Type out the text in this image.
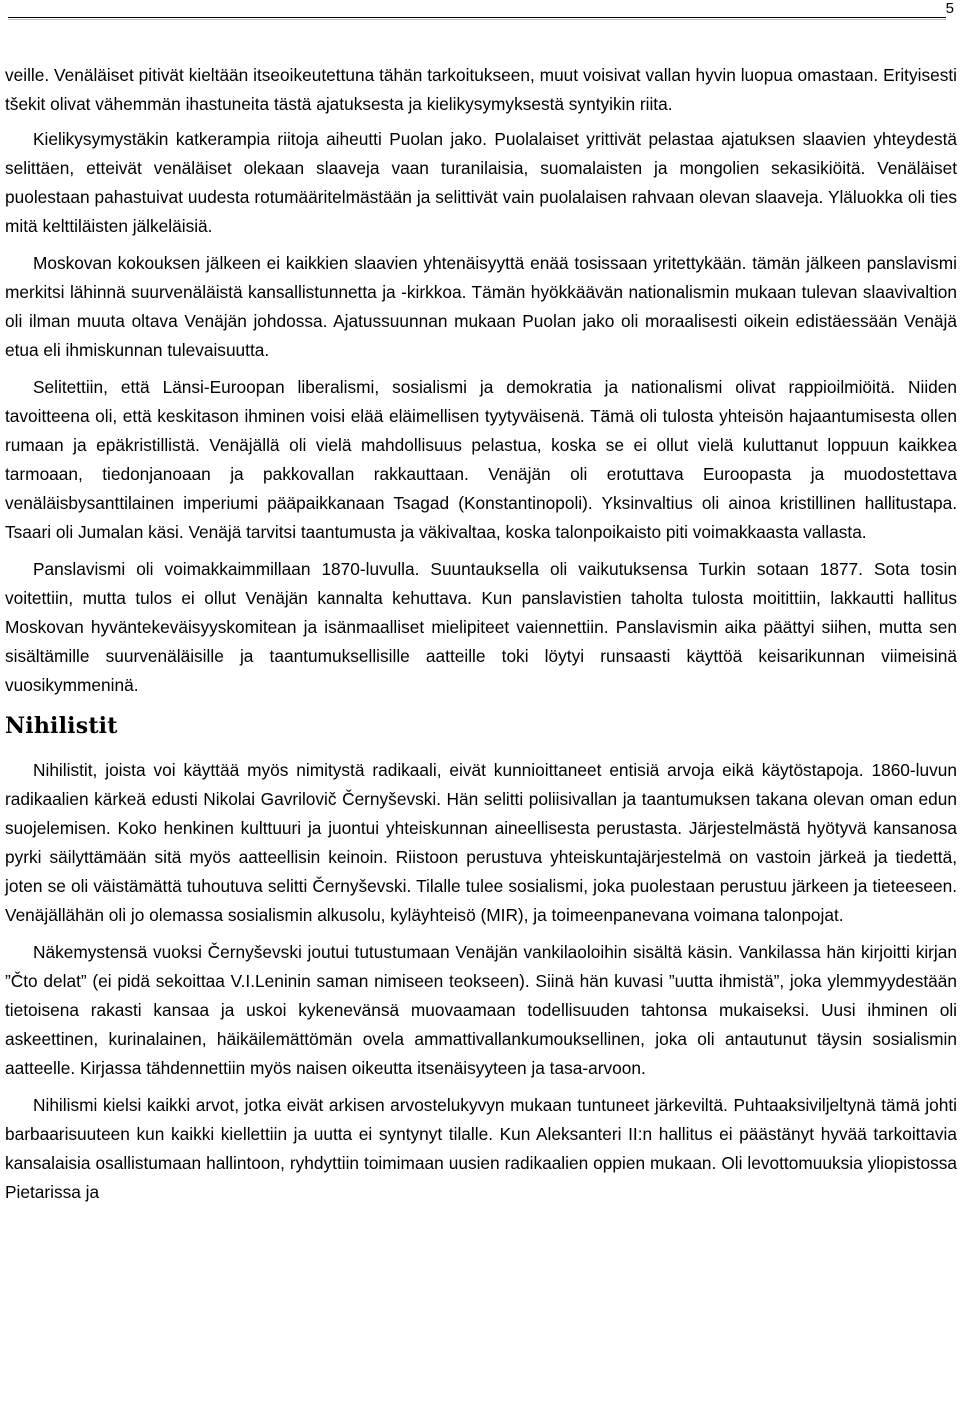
5

veille. Venäläiset pitivät kieltään itseoikeutettuna tähän tarkoitukseen, muut voisivat vallan hyvin luopua omastaan. Erityisesti tšekit olivat vähemmän ihastuneita tästä ajatuksesta ja kielikysymyksestä syntyikin riita.

Kielikysymystäkin katkerampia riitoja aiheutti Puolan jako. Puolalaiset yrittivät pelastaa ajatuksen slaavien yhteydestä selittäen, etteivät venäläiset olekaan slaaveja vaan turanilaisia, suomalaisten ja mongolien sekasikiöitä. Venäläiset puolestaan pahastuivat uudesta rotumääritelmästään ja selittivät vain puolalaisen rahvaan olevan slaaveja. Yläluokka oli ties mitä kelttiläisten jälkeläisiä.

Moskovan kokouksen jälkeen ei kaikkien slaavien yhtenäisyyttä enää tosissaan yritettykään. tämän jälkeen panslavismi merkitsi lähinnä suurvenäläistä kansallistunnetta ja -kirkkoa. Tämän hyökkäävän nationalismin mukaan tulevan slaavivaltion oli ilman muuta oltava Venäjän johdossa. Ajatussuunnan mukaan Puolan jako oli moraalisesti oikein edistäessään Venäjä etua eli ihmiskunnan tulevaisuutta.

Selitettiin, että Länsi-Euroopan liberalismi, sosialismi ja demokratia ja nationalismi olivat rappioilmiöitä. Niiden tavoitteena oli, että keskitason ihminen voisi elää eläimellisen tyytyväisenä. Tämä oli tulosta yhteisön hajaantumisesta ollen rumaan ja epäkristillistä. Venäjällä oli vielä mahdollisuus pelastua, koska se ei ollut vielä kuluttanut loppuun kaikkea tarmoaan, tiedonjanoaan ja pakkovallan rakkauttaan. Venäjän oli erotuttava Euroopasta ja muodostettava venäläisbysanttilainen imperiumi pääpaikkanaan Tsagad (Konstantinopoli). Yksinvaltius oli ainoa kristillinen hallitustapa. Tsaari oli Jumalan käsi. Venäjä tarvitsi taantumusta ja väkivaltaa, koska talonpoikaisto piti voimakkaasta vallasta.

Panslavismi oli voimakkaimmillaan 1870-luvulla. Suuntauksella oli vaikutuksensa Turkin sotaan 1877. Sota tosin voitettiin, mutta tulos ei ollut Venäjän kannalta kehuttava. Kun panslavistien taholta tulosta moitittiin, lakkautti hallitus Moskovan hyväntekeväisyyskomitean ja isänmaalliset mielipiteet vaiennettiin. Panslavismin aika päättyi siihen, mutta sen sisältämille suurvenäläisille ja taantumuksellisille aatteille toki löytyi runsaasti käyttöä keisarikunnan viimeisinä vuosikymmeninä.

Nihilistit

Nihilistit, joista voi käyttää myös nimitystä radikaali, eivät kunnioittaneet entisiä arvoja eikä käytöstapoja. 1860-luvun radikaalien kärkeä edusti Nikolai Gavrilovič Černyševski. Hän selitti poliisivallan ja taantumuksen takana olevan oman edun suojelemisen. Koko henkinen kulttuuri ja juontui yhteiskunnan aineellisesta perustasta. Järjestelmästä hyötyvä kansanosa pyrki säilyttämään sitä myös aatteellisin keinoin. Riistoon perustuva yhteiskuntajärjestelmä on vastoin järkeä ja tiedettä, joten se oli väistämättä tuhoutuva selitti Černyševski. Tilalle tulee sosialismi, joka puolestaan perustuu järkeen ja tieteeseen. Venäjällähän oli jo olemassa sosialismin alkusolu, kyläyhteisö (MIR), ja toimeenpanevana voimana talonpojat.

Näkemystensä vuoksi Černyševski joutui tutustumaan Venäjän vankilaoloihin sisältä käsin. Vankilassa hän kirjoitti kirjan ”Čto delat” (ei pidä sekoittaa V.I.Leninin saman nimiseen teokseen). Siinä hän kuvasi ”uutta ihmistä”, joka ylemmyydestään tietoisena rakasti kansaa ja uskoi kykenevänsä muovaamaan todellisuuden tahtonsa mukaiseksi. Uusi ihminen oli askeettinen, kurinalainen, häikäilemättömän ovela ammattivallankumouksellinen, joka oli antautunut täysin sosialismin aatteelle. Kirjassa tähdennettiin myös naisen oikeutta itsenäisyyteen ja tasa-arvoon.

Nihilismi kielsi kaikki arvot, jotka eivät arkisen arvostelukyvyn mukaan tuntuneet järkeviltä. Puhtaaksiviljeltynä tämä johti barbaarisuuteen kun kaikki kiellettiin ja uutta ei syntynyt tilalle. Kun Aleksanteri II:n hallitus ei päästänyt hyvää tarkoittavia kansalaisia osallistumaan hallintoon, ryhdyttiin toimimaan uusien radikaalien oppien mukaan. Oli levottomuuksia yliopistossa Pietarissa ja
